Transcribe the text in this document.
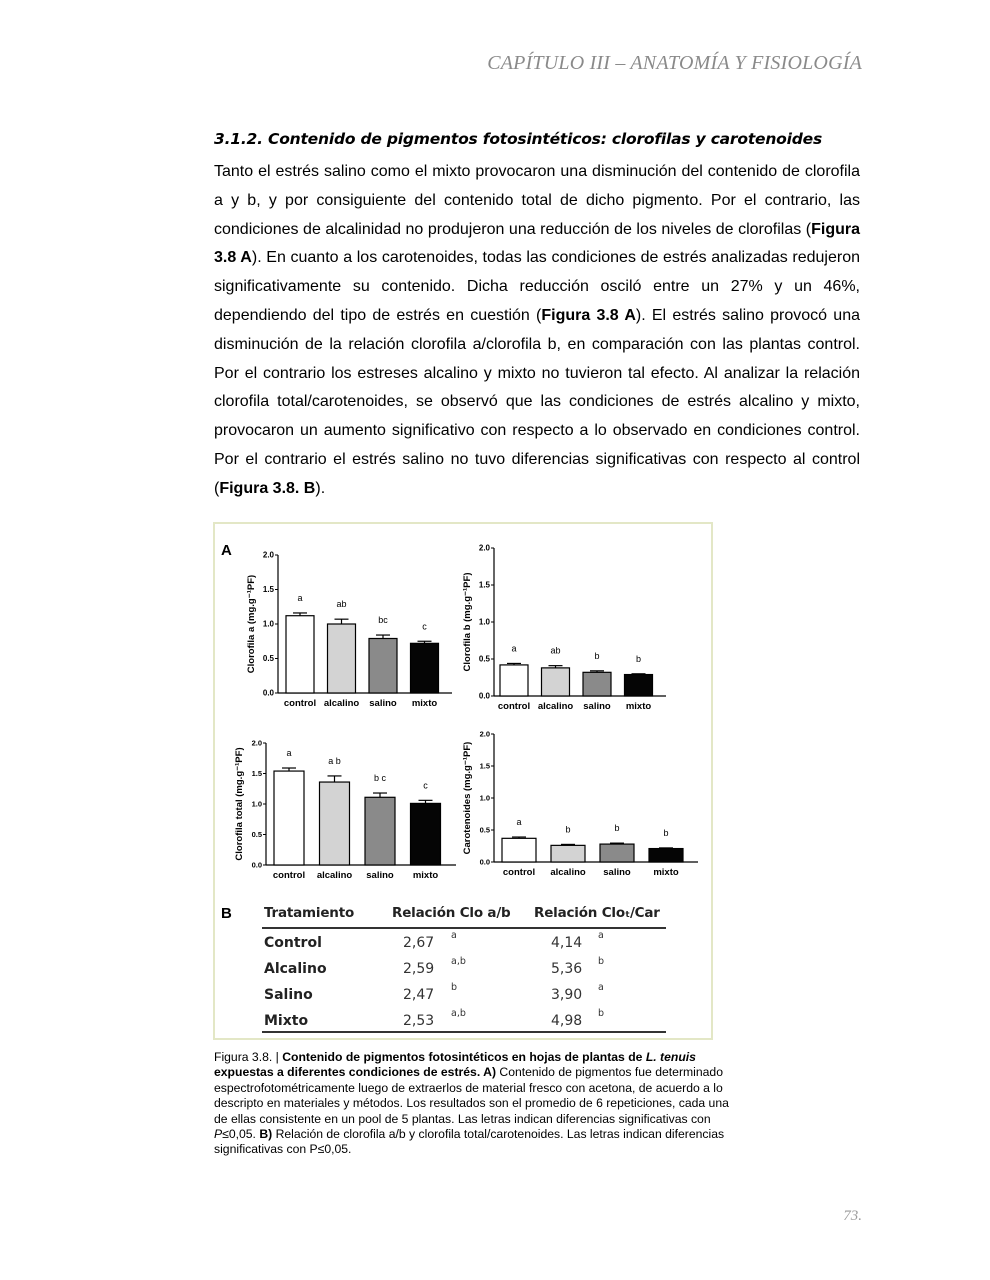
CAPÍTULO III – ANATOMÍA Y FISIOLOGÍA
3.1.2. Contenido de pigmentos fotosintéticos: clorofilas y carotenoides

Tanto el estrés salino como el mixto provocaron una disminución del contenido de clorofila a y b, y por consiguiente del contenido total de dicho pigmento. Por el contrario, las condiciones de alcalinidad no produjeron una reducción de los niveles de clorofilas (Figura 3.8 A). En cuanto a los carotenoides, todas las condiciones de estrés analizadas redujeron significativamente su contenido. Dicha reducción osciló entre un 27% y un 46%, dependiendo del tipo de estrés en cuestión (Figura 3.8 A). El estrés salino provocó una disminución de la relación clorofila a/clorofila b, en comparación con las plantas control. Por el contrario los estreses alcalino y mixto no tuvieron tal efecto. Al analizar la relación clorofila total/carotenoides, se observó que las condiciones de estrés alcalino y mixto, provocaron un aumento significativo con respecto a lo observado en condiciones control. Por el contrario el estrés salino no tuvo diferencias significativas con respecto al control (Figura 3.8. B).

A
B
0.0
0.5
1.0
1.5
2.0
Clorofila a (mg.g⁻¹PF)	a
control
ab
alcalino
bc
salino
c
mixto
0.0
0.5
1.0
1.5
2.0
Clorofila b (mg.g⁻¹PF)	a
control
ab
alcalino
b
salino
b
mixto
0.0
0.5
1.0
1.5
2.0
Clorofila total (mg.g⁻¹PF)	a
control
a b
alcalino
b c
salino
c
mixto
0.0
0.5
1.0
1.5
2.0
Carotenoides (mg.g⁻¹PF)	a
control
b
alcalino
b
salino
b
mixto
Tratamiento	Relación Clo a/b Relación Cloₜ/Car
Control	2,67 a	4,14 a
Alcalino	2,59 a,b	5,36 b
Salino	2,47 b	3,90 a
Mixto	2,53 a,b	4,98 b
Figura 3.8. | Contenido de pigmentos fotosintéticos en hojas de plantas de L. tenuis expuestas a diferentes condiciones de estrés. A) Contenido de pigmentos fue determinado espectrofotométricamente luego de extraerlos de material fresco con acetona, de acuerdo a lo descripto en materiales y métodos. Los resultados son el promedio de 6 repeticiones, cada una de ellas consistente en un pool de 5 plantas. Las letras indican diferencias significativas con P≤0,05. B) Relación de clorofila a/b y clorofila total/carotenoides. Las letras indican diferencias significativas con P≤0,05.
73.
